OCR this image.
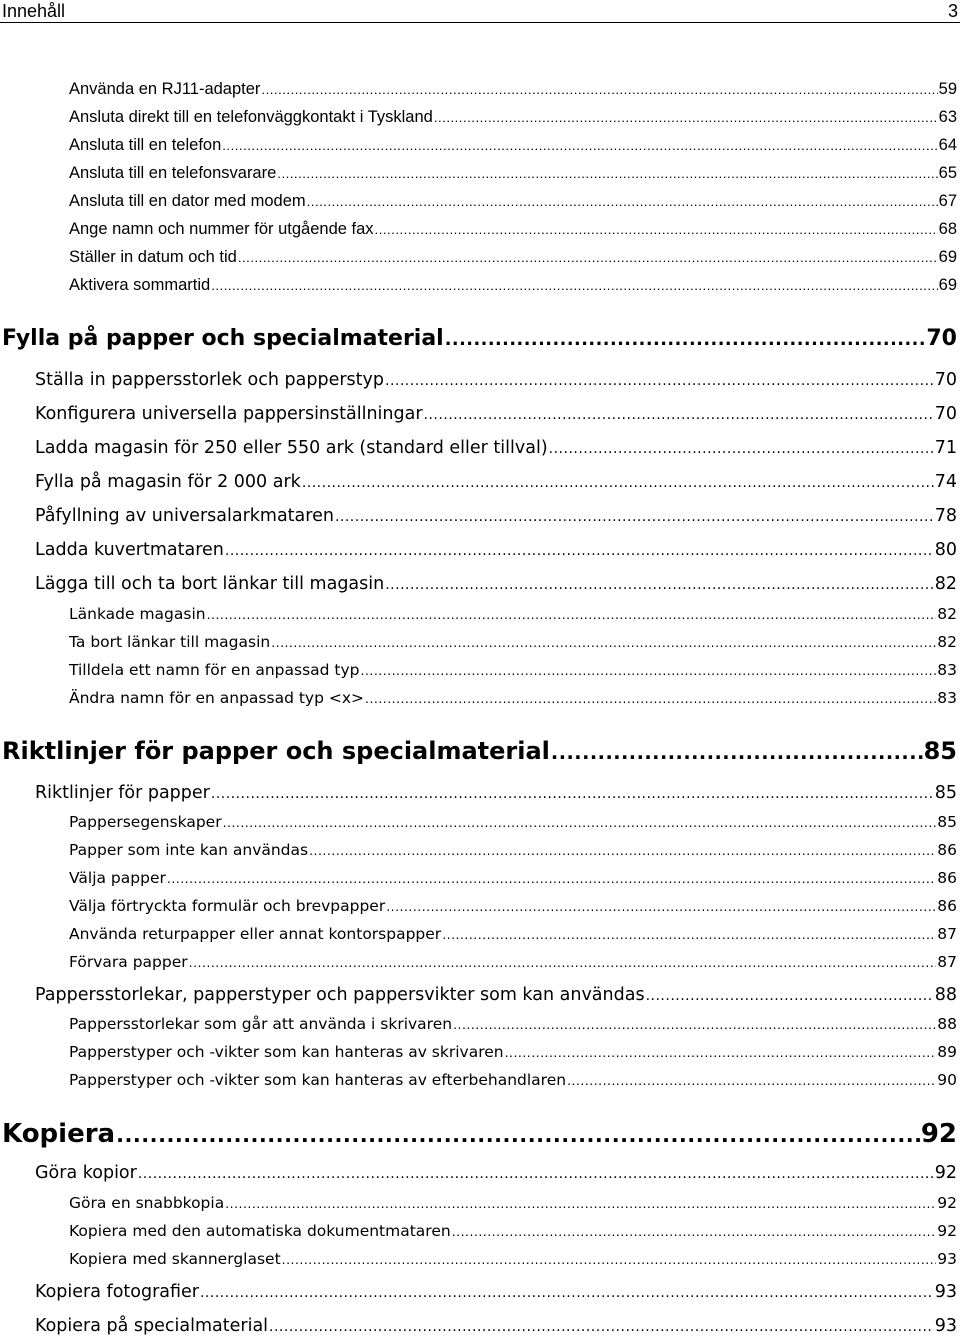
Innehåll	3
Använda en RJ11-adapter .....	59
Ansluta direkt till en telefonväggkontakt i Tyskland .....	63
Ansluta till en telefon .....	64
Ansluta till en telefonsvarare .....	65
Ansluta till en dator med modem .....	67
Ange namn och nummer för utgående fax .....	68
Ställer in datum och tid .....	69
Aktivera sommartid .....	69
Fylla på papper och specialmaterial .....	70
Ställa in pappersstorlek och papperstyp .....	70
Konfigurera universella pappersinställningar .....	70
Ladda magasin för 250 eller 550 ark (standard eller tillval) .....	71
Fylla på magasin för 2 000 ark .....	74
Påfyllning av universalarkmataren .....	78
Ladda kuvertmataren .....	80
Lägga till och ta bort länkar till magasin .....	82
Länkade magasin .....	82
Ta bort länkar till magasin .....	82
Tilldela ett namn för en anpassad typ .....	83
Ändra namn för en anpassad typ <x> .....	83
Riktlinjer för papper och specialmaterial .....	85
Riktlinjer för papper .....	85
Pappersegenskaper .....	85
Papper som inte kan användas .....	86
Välja papper .....	86
Välja förtryckta formulär och brevpapper .....	86
Använda returpapper eller annat kontorspapper .....	87
Förvara papper .....	87
Pappersstorlekar, papperstyper och pappersvikter som kan användas .....	88
Pappersstorlekar som går att använda i skrivaren .....	88
Papperstyper och -vikter som kan hanteras av skrivaren .....	89
Papperstyper och -vikter som kan hanteras av efterbehandlaren .....	90
Kopiera .....	92
Göra kopior .....	92
Göra en snabbkopia .....	92
Kopiera med den automatiska dokumentmataren .....	92
Kopiera med skannerglaset .....	93
Kopiera fotografier .....	93
Kopiera på specialmaterial .....	93
